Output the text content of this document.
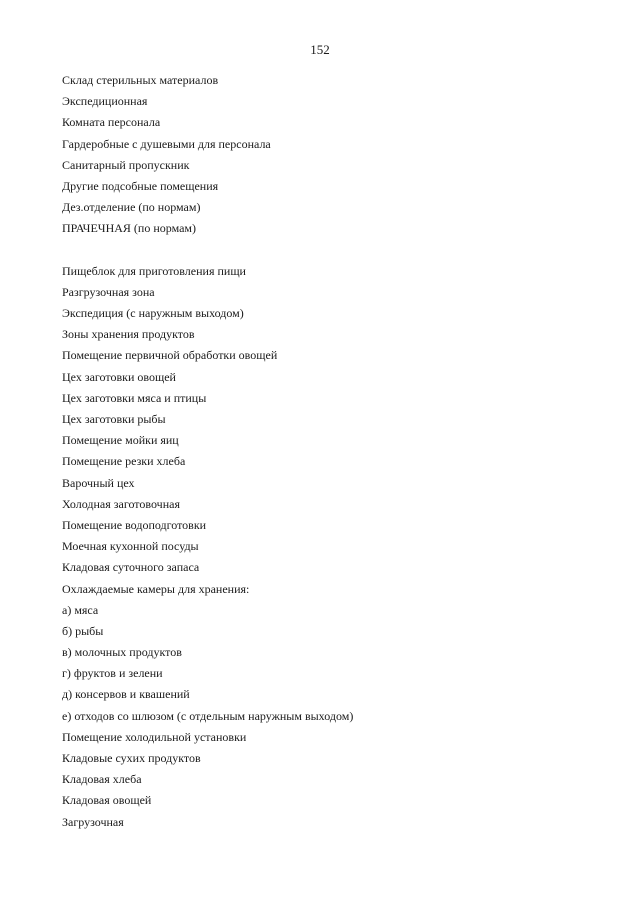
152
Склад стерильных материалов
Экспедиционная
Комната персонала
Гардеробные с душевыми для персонала
Санитарный пропускник
Другие подсобные помещения
Дез.отделение (по нормам)
ПРАЧЕЧНАЯ (по нормам)
Пищеблок для приготовления пищи
Разгрузочная зона
Экспедиция (с наружным выходом)
Зоны хранения продуктов
Помещение первичной обработки овощей
Цех заготовки овощей
Цех заготовки мяса и птицы
Цех заготовки рыбы
Помещение мойки яиц
Помещение резки хлеба
Варочный цех
Холодная заготовочная
Помещение водоподготовки
Моечная кухонной посуды
Кладовая суточного запаса
Охлаждаемые камеры для хранения:
а) мяса
б) рыбы
в) молочных продуктов
г) фруктов и зелени
д) консервов и квашений
е) отходов со шлюзом (с отдельным наружным выходом)
Помещение холодильной установки
Кладовые сухих продуктов
Кладовая хлеба
Кладовая овощей
Загрузочная
